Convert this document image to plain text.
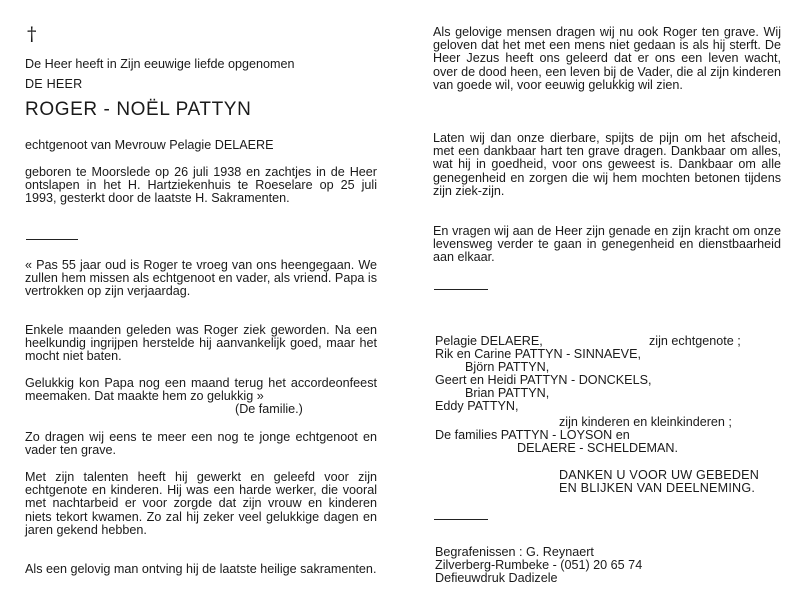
†
De Heer heeft in Zijn eeuwige liefde opgenomen
DE HEER
ROGER - NOËL PATTYN
echtgenoot van Mevrouw Pelagie DELAERE
geboren te Moorslede op 26 juli 1938 en zachtjes in de Heer ontslapen in het H. Hartziekenhuis te Roeselare op 25 juli 1993, gesterkt door de laatste H. Sakramenten.
« Pas 55 jaar oud is Roger te vroeg van ons heengegaan. We zullen hem missen als echtgenoot en vader, als vriend. Papa is vertrokken op zijn verjaardag.
Enkele maanden geleden was Roger ziek geworden. Na een heelkundig ingrijpen herstelde hij aanvankelijk goed, maar het mocht niet baten.
Gelukkig kon Papa nog een maand terug het accordeonfeest meemaken. Dat maakte hem zo gelukkig »
(De familie.)
Zo dragen wij eens te meer een nog te jonge echtgenoot en vader ten grave.
Met zijn talenten heeft hij gewerkt en geleefd voor zijn echtgenote en kinderen. Hij was een harde werker, die vooral met nachtarbeid er voor zorgde dat zijn vrouw en kinderen niets tekort kwamen. Zo zal hij zeker veel gelukkige dagen en jaren gekend hebben.
Als een gelovig man ontving hij de laatste heilige sakramenten.
Als gelovige mensen dragen wij nu ook Roger ten grave. Wij geloven dat het met een mens niet gedaan is als hij sterft. De Heer Jezus heeft ons geleerd dat er ons een leven wacht, over de dood heen, een leven bij de Vader, die al zijn kinderen van goede wil, voor eeuwig gelukkig wil zien.
Laten wij dan onze dierbare, spijts de pijn om het afscheid, met een dankbaar hart ten grave dragen. Dankbaar om alles, wat hij in goedheid, voor ons geweest is. Dankbaar om alle genegenheid en zorgen die wij hem mochten betonen tijdens zijn ziek-zijn.
En vragen wij aan de Heer zijn genade en zijn kracht om onze levensweg verder te gaan in genegenheid en dienstbaarheid aan elkaar.
Pelagie DELAERE,	zijn echtgenote ;
Rik en Carine PATTYN - SINNAEVE,
Björn PATTYN,
Geert en Heidi PATTYN - DONCKELS,
Brian PATTYN,
Eddy PATTYN,
zijn kinderen en kleinkinderen ;
De families PATTYN - LOYSON en
DELAERE - SCHELDEMAN.
DANKEN U VOOR UW GEBEDEN
EN BLIJKEN VAN DEELNEMING.
Begrafenissen : G. Reynaert
Zilverberg-Rumbeke - (051) 20 65 74
Defieuwdruk Dadizele
